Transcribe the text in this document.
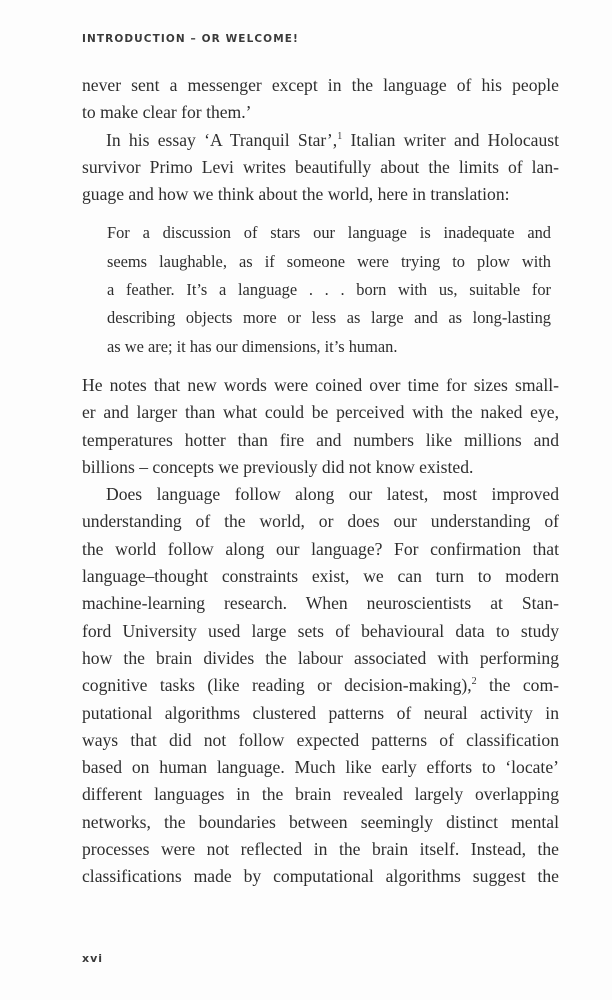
INTRODUCTION – OR WELCOME!
never sent a messenger except in the language of his people
to make clear for them.’
In his essay ‘A Tranquil Star’,$^1$ Italian writer and Holocaust
survivor Primo Levi writes beautifully about the limits of lan-
guage and how we think about the world, here in translation:
For a discussion of stars our language is inadequate and
seems laughable, as if someone were trying to plow with
a feather. It’s a language . . . born with us, suitable for
describing objects more or less as large and as long-lasting
as we are; it has our dimensions, it’s human.
He notes that new words were coined over time for sizes small-
er and larger than what could be perceived with the naked eye,
temperatures hotter than fire and numbers like millions and
billions – concepts we previously did not know existed.
Does language follow along our latest, most improved
understanding of the world, or does our understanding of
the world follow along our language? For confirmation that
language–thought constraints exist, we can turn to modern
machine-learning research. When neuroscientists at Stan-
ford University used large sets of behavioural data to study
how the brain divides the labour associated with performing
cognitive tasks (like reading or decision-making),$^2$ the com-
putational algorithms clustered patterns of neural activity in
ways that did not follow expected patterns of classification
based on human language. Much like early efforts to ‘locate’
different languages in the brain revealed largely overlapping
networks, the boundaries between seemingly distinct mental
processes were not reflected in the brain itself. Instead, the
classifications made by computational algorithms suggest the
xvi
